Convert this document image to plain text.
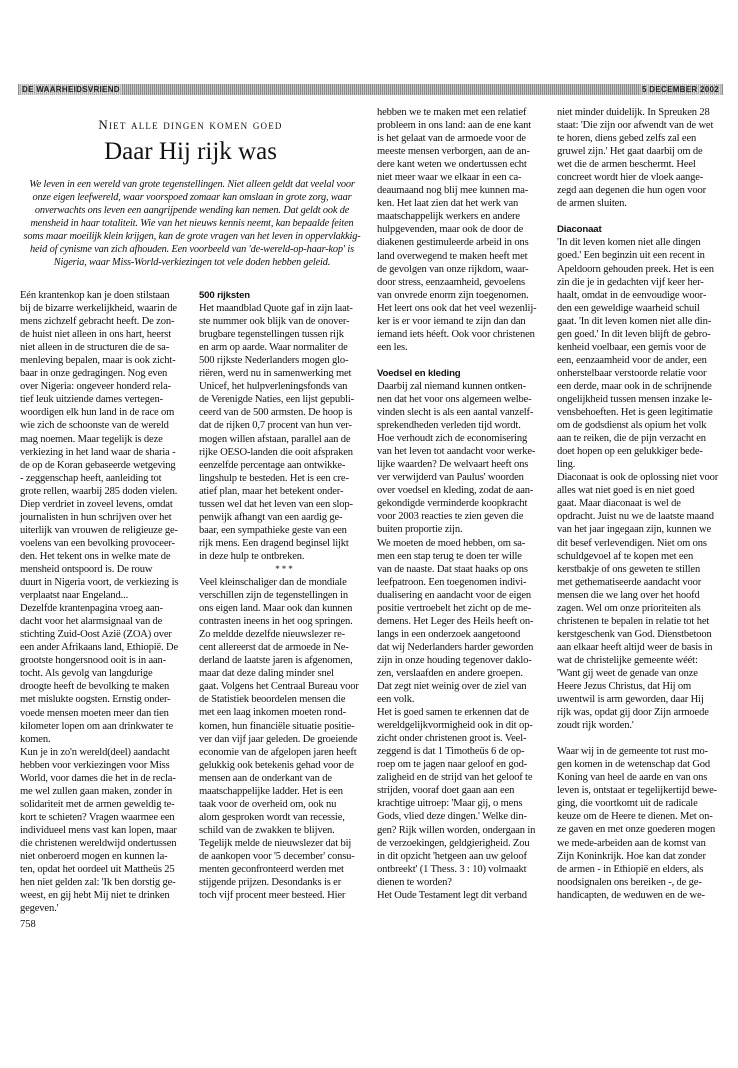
DE WAARHEIDSVRIEND	5 DECEMBER 2002
Niet alle dingen komen goed
Daar Hij rijk was
We leven in een wereld van grote tegenstellingen. Niet alleen geldt dat veelal voor
onze eigen leefwereld, waar voorspoed zomaar kan omslaan in grote zorg, waar
onverwachts ons leven een aangrijpende wending kan nemen. Dat geldt ook de
mensheid in haar totaliteit. Wie van het nieuws kennis neemt, kan bepaalde feiten
soms maar moeilijk klein krijgen, kan de grote vragen van het leven in oppervlakkig-
heid of cynisme van zich afhouden. Een voorbeeld van 'de-wereld-op-haar-kop' is
Nigeria, waar Miss-World-verkiezingen tot vele doden hebben geleid.

Eén krantenkop kan je doen stilstaan
bij de bizarre werkelijkheid, waarin de
mens zichzelf gebracht heeft. De zon-
de huist niet alleen in ons hart, heerst
niet alleen in de structuren die de sa-
menleving bepalen, maar is ook zicht-
baar in onze gedragingen. Nog even
over Nigeria: ongeveer honderd rela-
tief leuk uitziende dames vertegen-
woordigen elk hun land in de race om
wie zich de schoonste van de wereld
mag noemen. Maar tegelijk is deze
verkiezing in het land waar de sharia -
de op de Koran gebaseerde wetgeving
- zeggenschap heeft, aanleiding tot
grote rellen, waarbij 285 doden vielen.
Diep verdriet in zoveel levens, omdat
journalisten in hun schrijven over het
uiterlijk van vrouwen de religieuze ge-
voelens van een bevolking provoceer-
den. Het tekent ons in welke mate de
mensheid ontspoord is. De rouw
duurt in Nigeria voort, de verkiezing is
verplaatst naar Engeland...
Dezelfde krantenpagina vroeg aan-
dacht voor het alarmsignaal van de
stichting Zuid-Oost Azië (ZOA) over
een ander Afrikaans land, Ethiopië. De
grootste hongersnood ooit is in aan-
tocht. Als gevolg van langdurige
droogte heeft de bevolking te maken
met mislukte oogsten. Ernstig onder-
voede mensen moeten meer dan tien
kilometer lopen om aan drinkwater te
komen.
Kun je in zo'n wereld(deel) aandacht
hebben voor verkiezingen voor Miss
World, voor dames die het in de recla-
me wel zullen gaan maken, zonder in
solidariteit met de armen geweldig te-
kort te schieten? Vragen waarmee een
individueel mens vast kan lopen, maar
die christenen wereldwijd ondertussen
niet onberoerd mogen en kunnen la-
ten, opdat het oordeel uit Mattheüs 25
hen niet gelden zal: 'Ik ben dorstig ge-
weest, en gij hebt Mij niet te drinken
gegeven.'

500 rijksten

Het maandblad Quote gaf in zijn laat-
ste nummer ook blijk van de onover-
brugbare tegenstellingen tussen rijk
en arm op aarde. Waar normaliter de
500 rijkste Nederlanders mogen glo-
riëren, werd nu in samenwerking met
Unicef, het hulpverleningsfonds van
de Verenigde Naties, een lijst gepubli-
ceerd van de 500 armsten. De hoop is
dat de rijken 0,7 procent van hun ver-
mogen willen afstaan, parallel aan de
rijke OESO-landen die ooit afspraken
eenzelfde percentage aan ontwikke-
lingshulp te besteden. Het is een cre-
atief plan, maar het betekent onder-
tussen wel dat het leven van een slop-
penwijk afhangt van een aardig ge-
baar, een sympathieke geste van een
rijk mens. Een dragend beginsel lijkt
in deze hulp te ontbreken.

***

Veel kleinschaliger dan de mondiale
verschillen zijn de tegenstellingen in
ons eigen land. Maar ook dan kunnen
contrasten ineens in het oog springen.
Zo meldde dezelfde nieuwslezer re-
cent allereerst dat de armoede in Ne-
derland de laatste jaren is afgenomen,
maar dat deze daling minder snel
gaat. Volgens het Centraal Bureau voor
de Statistiek beoordelen mensen die
met een laag inkomen moeten rond-
komen, hun financiële situatie positie-
ver dan vijf jaar geleden. De groeiende
economie van de afgelopen jaren heeft
gelukkig ook betekenis gehad voor de
mensen aan de onderkant van de
maatschappelijke ladder. Het is een
taak voor de overheid om, ook nu
alom gesproken wordt van recessie,
schild van de zwakken te blijven.
Tegelijk melde de nieuwslezer dat bij
de aankopen voor '5 december' consu-
menten geconfronteerd werden met
stijgende prijzen. Desondanks is er
toch vijf procent meer besteed. Hier

hebben we te maken met een relatief
probleem in ons land: aan de ene kant
is het gelaat van de armoede voor de
meeste mensen verborgen, aan de an-
dere kant weten we ondertussen echt
niet meer waar we elkaar in een ca-
deaumaand nog blij mee kunnen ma-
ken. Het laat zien dat het werk van
maatschappelijk werkers en andere
hulpgevenden, maar ook de door de
diakenen gestimuleerde arbeid in ons
land overwegend te maken heeft met
de gevolgen van onze rijkdom, waar-
door stress, eenzaamheid, gevoelens
van onvrede enorm zijn toegenomen.
Het leert ons ook dat het veel wezenlij-
ker is er voor iemand te zijn dan dan
iemand iets héeft. Ook voor christenen
een les.

Voedsel en kleding

Daarbij zal niemand kunnen ontken-
nen dat het voor ons algemeen welbe-
vinden slecht is als een aantal vanzelf-
sprekendheden verleden tijd wordt.
Hoe verhoudt zich de economisering
van het leven tot aandacht voor werke-
lijke waarden? De welvaart heeft ons
ver verwijderd van Paulus' woorden
over voedsel en kleding, zodat de aan-
gekondigde verminderde koopkracht
voor 2003 reacties te zien geven die
buiten proportie zijn.
We moeten de moed hebben, om sa-
men een stap terug te doen ter wille
van de naaste. Dat staat haaks op ons
leefpatroon. Een toegenomen indivi-
dualisering en aandacht voor de eigen
positie vertroebelt het zicht op de me-
demens. Het Leger des Heils heeft on-
langs in een onderzoek aangetoond
dat wij Nederlanders harder geworden
zijn in onze houding tegenover daklo-
zen, verslaafden en andere groepen.
Dat zegt niet weinig over de ziel van
een volk.
Het is goed samen te erkennen dat de
wereldgelijkvormigheid ook in dit op-
zicht onder christenen groot is. Veel-
zeggend is dat 1 Timotheüs 6 de op-
roep om te jagen naar geloof en god-
zaligheid en de strijd van het geloof te
strijden, vooraf doet gaan aan een
krachtige uitroep: 'Maar gij, o mens
Gods, vlied deze dingen.' Welke din-
gen? Rijk willen worden, ondergaan in
de verzoekingen, geldgierigheid. Zou
in dit opzicht 'hetgeen aan uw geloof
ontbreekt' (1 Thess. 3 : 10) volmaakt
dienen te worden?
Het Oude Testament legt dit verband

niet minder duidelijk. In Spreuken 28
staat: 'Die zijn oor afwendt van de wet
te horen, diens gebed zelfs zal een
gruwel zijn.' Het gaat daarbij om de
wet die de armen beschermt. Heel
concreet wordt hier de vloek aange-
zegd aan degenen die hun ogen voor
de armen sluiten.

Diaconaat

'In dit leven komen niet alle dingen
goed.' Een beginzin uit een recent in
Apeldoorn gehouden preek. Het is een
zin die je in gedachten vijf keer her-
haalt, omdat in de eenvoudige woor-
den een geweldige waarheid schuil
gaat. 'In dit leven komen niet alle din-
gen goed.' In dit leven blijft de gebro-
kenheid voelbaar, een gemis voor de
een, eenzaamheid voor de ander, een
onherstelbaar verstoorde relatie voor
een derde, maar ook in de schrijnende
ongelijkheid tussen mensen inzake le-
vensbehoeften. Het is geen legitimatie
om de godsdienst als opium het volk
aan te reiken, die de pijn verzacht en
doet hopen op een gelukkiger bede-
ling.
Diaconaat is ook de oplossing niet voor
alles wat niet goed is en niet goed
gaat. Maar diaconaat is wel de
opdracht. Juist nu we de laatste maand
van het jaar ingegaan zijn, kunnen we
dit besef verlevendigen. Niet om ons
schuldgevoel af te kopen met een
kerstbakje of ons geweten te stillen
met gethematiseerde aandacht voor
mensen die we lang over het hoofd
zagen. Wel om onze prioriteiten als
christenen te bepalen in relatie tot het
kerstgeschenk van God. Dienstbetoon
aan elkaar heeft altijd weer de basis in
wat de christelijke gemeente wéét:
'Want gij weet de genade van onze
Heere Jezus Christus, dat Hij om
uwentwil is arm geworden, daar Hij
rijk was, opdat gij door Zijn armoede
zoudt rijk worden.'

Waar wij in de gemeente tot rust mo-
gen komen in de wetenschap dat God
Koning van heel de aarde en van ons
leven is, ontstaat er tegelijkertijd bewe-
ging, die voortkomt uit de radicale
keuze om de Heere te dienen. Met on-
ze gaven en met onze goederen mogen
we mede-arbeiden aan de komst van
Zijn Koninkrijk. Hoe kan dat zonder
de armen - in Ethiopië en elders, als
noodsignalen ons bereiken -, de ge-
handicapten, de weduwen en de we-

758
